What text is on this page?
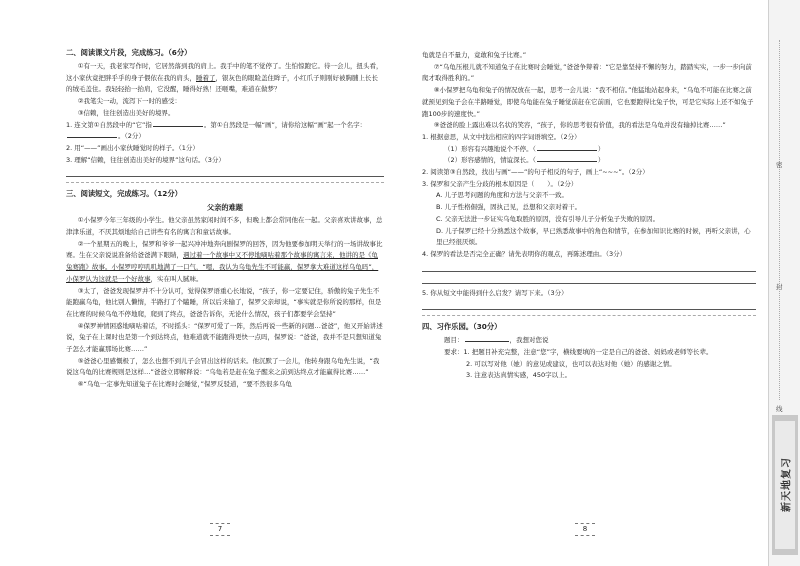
二、阅读课文片段，完成练习。（6分）

①有一天，我老家写作时，它居然落到我的肩上。我手中的笔不觉停了。生怕惊跑它。待一会儿，扭头看，这小家伙竟把胖乎乎的身子偎依在我的肩头，睡着了，银灰色的眼睑盖住眸子，小红爪子则刚好被胸脯上长长的绒毛盖住。我轻轻抬一抬肩，它没醒，睡得好熟！还咂嘴，难道在做梦？

②我笔尖一动，流泻下一时的感受：

③信赖，往往创造出美好的境界。

1. 连文第①自然段中的“它”指	。第①自然段是一幅“画”，请你给这幅“画”起一个名字：。（2分）

2. 用“——”画出小家伙睡觉时的样子。（1分）

3. 理解“信赖，往往创造出美好的境界”这句话。（3分）

三、阅读短文，完成练习。（12分）
父亲的难题

①小保罗今年三年级的小学生。他父亲虽然家闲时间不多，但晚上都会常同他在一起。父亲喜欢讲故事，总津津乐道，不厌其烦地给自己讲些有名的寓言和童话故事。

②一个星期五的晚上，保罗和爷爷一起兴冲冲地奔向剧保罗的回答，因为他要参加明天举行的一场讲故事比赛。生在父亲说说准备给爸爸满下眼睛，遇过着一个故事中又不停地嘀咕着那个故事的寓言来，他讲的是《龟兔赛跑》故事。小保罗哼哼叽叽地满了一口气，“嗯，我认为乌龟先生不可能赢，保罗拿大难道这样乌龟吗”，小保罗认为这就是一个好故事，实在叫人腻味。

③太了，爸爸发现保罗并不十分认可，觉得保罗语重心长地说，“孩子，你一定要记住，骄傲的兔子先生不能跑赢乌龟，他比别人懒惰，半路打了个瞌睡，所以后来输了，保罗父亲却说，“事实就是你所说的那样，但是在比赛的时候乌龟不停地爬，爬到了终点，爸爸告诉你，无论什么情况，孩子们都要学会坚持”

④保罗神情困惑地嘀咕着话，不时摇头：“保罗可爱了一阵，然后再说一些新的问题…爸爸”，他又开始讲述说，兔子在上课时也是第一个到达终点，他难道就不能跑得更快一点吗，保罗说：“爸爸，我并不是只想知道兔子怎么才能赢那场比赛……”

⑤爸爸心里感慨极了，怎么也想不到儿子会冒出这样的话来。他沉默了一会儿，他转身跟乌龟先生说，“我说这乌龟的比赛规则是这样…”爸爸立即解释说：“乌龟若是赶在兔子醒来之前到达终点才能赢得比赛……”

⑥“乌龟一定事先知道兔子在比赛时会睡觉，”保罗反驳道，“要不然很多乌龟

7

龟就是自不量力，竟敢和兔子比赛。”

⑦“乌龟压根儿就不知道兔子在比赛时会睡觉，”爸爸争辩着：“它是靠坚持不懈的努力，踏踏实实，一步一步向前爬才取得胜利的。”

⑧小保罗把乌龟和兔子的情况放在一起，思考一会儿说：“我不相信。”他猛地站起身来，“乌龟不可能在比赛之前就预见到兔子会在半路睡觉，即使乌龟能在兔子睡觉前赶在它前面，它也要跑得比兔子快，可是它实际上还不如兔子跑100步的速度快。”

⑨爸爸的脸上露出难以名状的笑容，“孩子，你的思考很有价值，我的看法是乌龟并没有输掉比赛……”

1. 根据意思，从文中找出相应的四字词语填空。（2分）

（1）形容有兴趣地说个不停。（	）

（2）形容感情的，情谊深长。（	）

2. 阅读第③自然段，找出与画“——”的句子相反的句子，画上“~~~”。（2分）

3. 保罗和父亲产生分歧的根本原因是（　　）。（2分）

A. 儿子思考问题的角度和方法与父亲不一致。

B. 儿子性格倔强，固执己见，总想和父亲对着干。

C. 父亲无法进一步证实乌龟取胜的原因，没有引导儿子分析兔子失败的原因。

D. 儿子保罗已经十分熟悉这个故事，早已熟悉故事中的角色和情节，在参加知识比赛的时候，再听父亲讲，心里已经很厌烦。

4. 保罗的看法是否完全正确？请先表明你的观点，再陈述理由。（3分）

5. 你从短文中能得到什么启发？请写下来。（3分）

四、习作乐园。（30分）

题目：	，我想对您说

要求：1. 把题目补充完整，注意“您”字，横线要填的一定是自己的爸爸、妈妈或老师等长辈。

2. 可以写对他（她）的意见或建议，也可以表达对他（她）的感谢之情。

3. 注意表达真情实感，450字以上。

8
密
封
线
新天地复习
